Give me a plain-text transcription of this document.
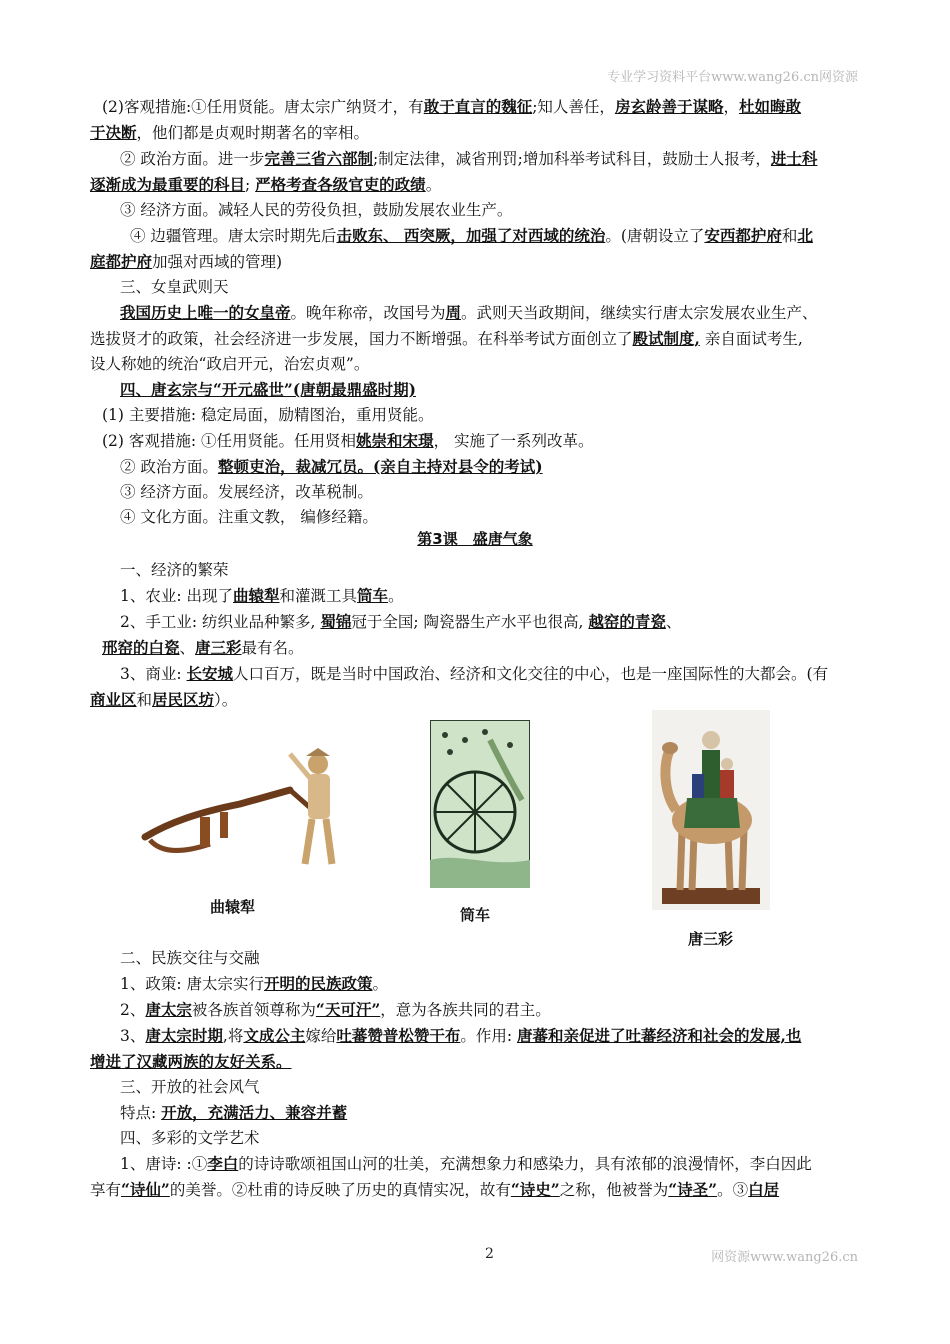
专业学习资料平台www.wang26.cn网资源
(2)客观措施:①任用贤能。唐太宗广纳贤才，有敢于直言的魏征;知人善任，房玄龄善于谋略，杜如晦敢
于决断，他们都是贞观时期著名的宰相。
② 政治方面。进一步完善三省六部制;制定法律，减省刑罚;增加科举考试科目，鼓励士人报考，进士科
逐渐成为最重要的科目; 严格考查各级官吏的政绩。
③ 经济方面。减轻人民的劳役负担，鼓励发展农业生产。
④ 边疆管理。唐太宗时期先后击败东、 西突厥，加强了对西域的统治。(唐朝设立了安西都护府和北
庭都护府加强对西域的管理)
三、女皇武则天
我国历史上唯一的女皇帝。晚年称帝，改国号为周。武则天当政期间，继续实行唐太宗发展农业生产、
选拔贤才的政策，社会经济进一步发展，国力不断增强。在科举考试方面创立了殿试制度, 亲自面试考生,
设人称她的统治“政启开元，治宏贞观”。
四、唐玄宗与“开元盛世”(唐朝最鼎盛时期)
(1) 主要措施: 稳定局面，励精图治，重用贤能。
(2) 客观措施: ①任用贤能。任用贤相姚崇和宋璟， 实施了一系列改革。
② 政治方面。整顿吏治，裁减冗员。(亲自主持对县令的考试)
③ 经济方面。发展经济，改革税制。
④ 文化方面。注重文教， 编修经籍。
第3课　盛唐气象
一、经济的繁荣
1、农业: 出现了曲辕犁和灌溉工具筒车。
2、手工业: 纺织业品种繁多, 蜀锦冠于全国; 陶瓷器生产水平也很高, 越窑的青瓷、
邢窑的白瓷、唐三彩最有名。
3、商业: 长安城人口百万，既是当时中国政治、经济和文化交往的中心，也是一座国际性的大都会。(有
商业区和居民区坊）。
曲辕犁	筒车
唐三彩
二、民族交往与交融
1、政策: 唐太宗实行开明的民族政策。
2、唐太宗被各族首领尊称为“天可汗”，意为各族共同的君主。
3、唐太宗时期,将文成公主嫁给吐蕃赞普松赞干布。作用: 唐蕃和亲促进了吐蕃经济和社会的发展,也
增进了汉藏两族的友好关系。
三、开放的社会风气
特点: 开放，充满活力、兼容并蓄
四、多彩的文学艺术
1、唐诗: :①李白的诗诗歌颂祖国山河的壮美，充满想象力和感染力，具有浓郁的浪漫情怀，李白因此
享有“诗仙”的美誉。②杜甫的诗反映了历史的真情实况，故有“诗史”之称，他被誉为“诗圣”。③白居
2	网资源www.wang26.cn
